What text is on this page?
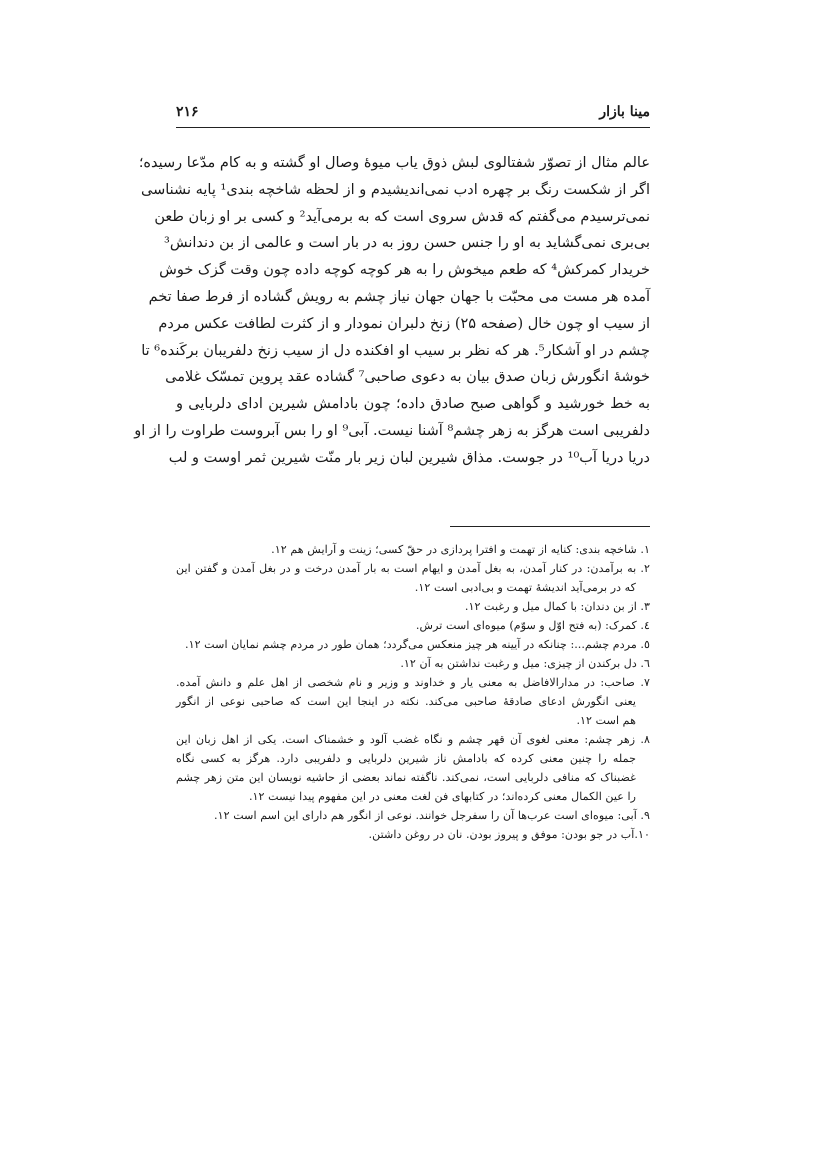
مینا بازار
۲۱۶
عالم مثال از تصوّر شفتالوی لبش ذوق یاب میوهٔ وصال او گشته و به کام مدّعا رسیده؛
اگر از شکست رنگ بر چهره ادب نمی‌اندیشیدم و از لحظه شاخچه بندی¹ پایه نشناسی
نمی‌ترسیدم می‌گفتم که قدش سروی است که به برمی‌آید² و کسی بر او زبان طعن
بی‌بری نمی‌گشاید به او را جنس حسن روز به در بار است و عالمی از بن دندانش³
خریدار کمرکش⁴ که طعم میخوش را به هر کوچه کوچه داده چون وقت گزک خوش
آمده هر مست می محبّت با جهان جهان نیاز چشم به رویش گشاده از فرط صفا تخم
از سیب او چون خال (صفحه ۲۵) زنخ دلبران نمودار و از کثرت لطافت عکس مردم
چشم در او آشکار⁵. هر که نظر بر سیب او افکنده دل از سیب زنخ دلفریبان برکَنده⁶ تا
خوشهٔ انگورش زبان صدق بیان به دعوی صاحبی⁷ گشاده عقد پروین تمسّک غلامی
به خط خورشید و گواهی صبح صادق داده؛ چون بادامش شیرین ادای دلربایی و
دلفریبی است هرگز به زهر چشم⁸ آشنا نیست. آبی⁹ او را بس آبروست طراوت را از او
دریا دریا آب¹⁰ در جوست. مذاق شیرین لبان زیر بار منّت شیرین ثمر اوست و لب
۱. شاخچه بندی: کنایه از تهمت و افترا پردازی در حقّ کسی؛ زینت و آرایش هم ۱۲.
۲. به برآمدن: در کنار آمدن، به بغل آمدن و ایهام است به بار آمدن درخت و در بغل آمدن و گفتن این
که در برمی‌آید اندیشهٔ تهمت و بی‌ادبی است ۱۲.
۳. از بن دندان: با کمال میل و رغبت ۱۲.
٤. کمرک: (به فتح اوّل و سوّم) میوه‌ای است ترش.
٥. مردم چشم...: چنانکه در آیینه هر چیز منعکس می‌گردد؛ همان طور در مردم چشم نمایان است ۱۲.
٦. دل برکندن از چیزی: میل و رغبت نداشتن به آن ۱۲.
٧. صاحب: در مدارالافاضل به معنی یار و خداوند و وزیر و نام شخصی از اهل علم و دانش آمده.
یعنی انگورش ادعای صادقهٔ صاحبی می‌کند. نکته در اینجا این است که صاحبی نوعی از انگور
هم است ۱۲.
٨. زهر چشم: معنی لغوی آن قهر چشم و نگاه غضب آلود و خشمناک است. یکی از اهل زبان این
جمله را چنین معنی کرده که بادامش ناز شیرین دلربایی و دلفریبی دارد. هرگز به کسی نگاه
غضبناک که منافی دلربایی است، نمی‌کند. ناگفته نماند بعضی از حاشیه نویسان این متن زهر چشم
را عین الکمال معنی کرده‌اند؛ در کتابهای فن لغت معنی در این مفهوم پیدا نیست ۱۲.
٩. آبی: میوه‌ای است عرب‌ها آن را سفرجل خوانند. نوعی از انگور هم دارای این اسم است ۱۲.
۱۰.آب در جو بودن: موفق و پیروز بودن. نان در روغن داشتن.
